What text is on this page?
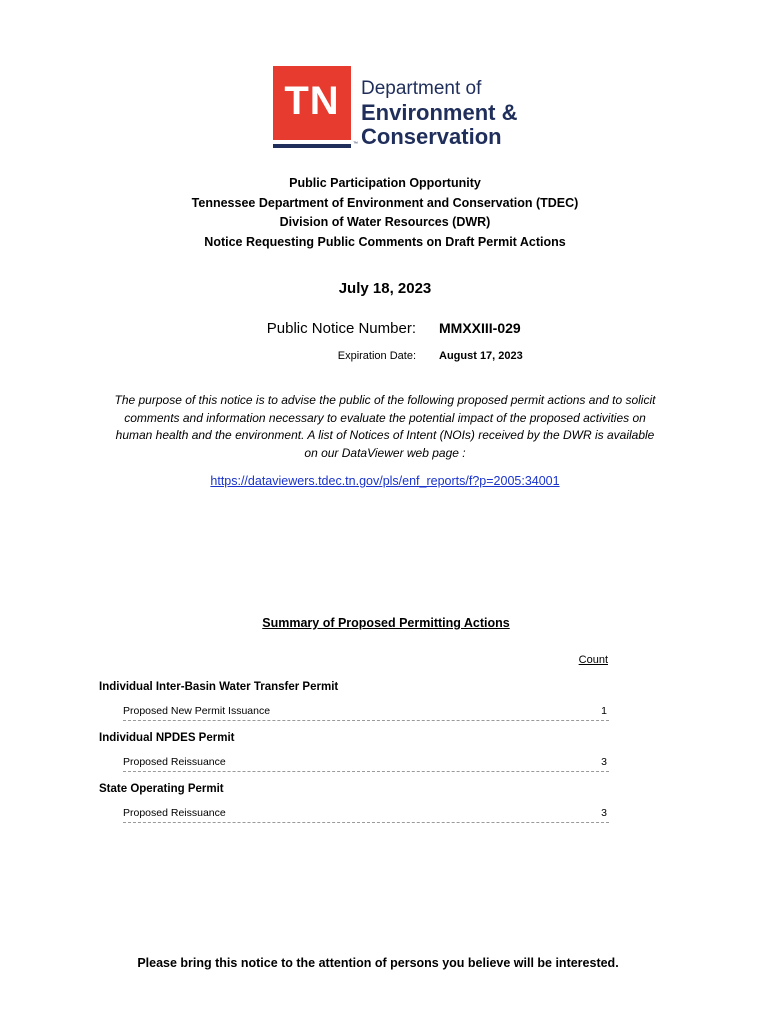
TN
™
Department of
Environment &
Conservation
Public Participation Opportunity
Tennessee Department of Environment and Conservation (TDEC)
Division of Water Resources (DWR)
Notice Requesting Public Comments on Draft Permit Actions
July 18, 2023
Public Notice Number: MMXXIII-029
Expiration Date: August 17, 2023
The purpose of this notice is to advise the public of the following proposed permit actions and to solicit
comments and information necessary to evaluate the potential impact of the proposed activities on
human health and the environment. A list of Notices of Intent (NOIs) received by the DWR is available
on our DataViewer web page :
https://dataviewers.tdec.tn.gov/pls/enf_reports/f?p=2005:34001
Summary of Proposed Permitting Actions
Count
Individual Inter-Basin Water Transfer Permit
Proposed New Permit Issuance	1
Individual NPDES Permit
Proposed Reissuance	3
State Operating Permit
Proposed Reissuance	3
Please bring this notice to the attention of persons you believe will be interested.
